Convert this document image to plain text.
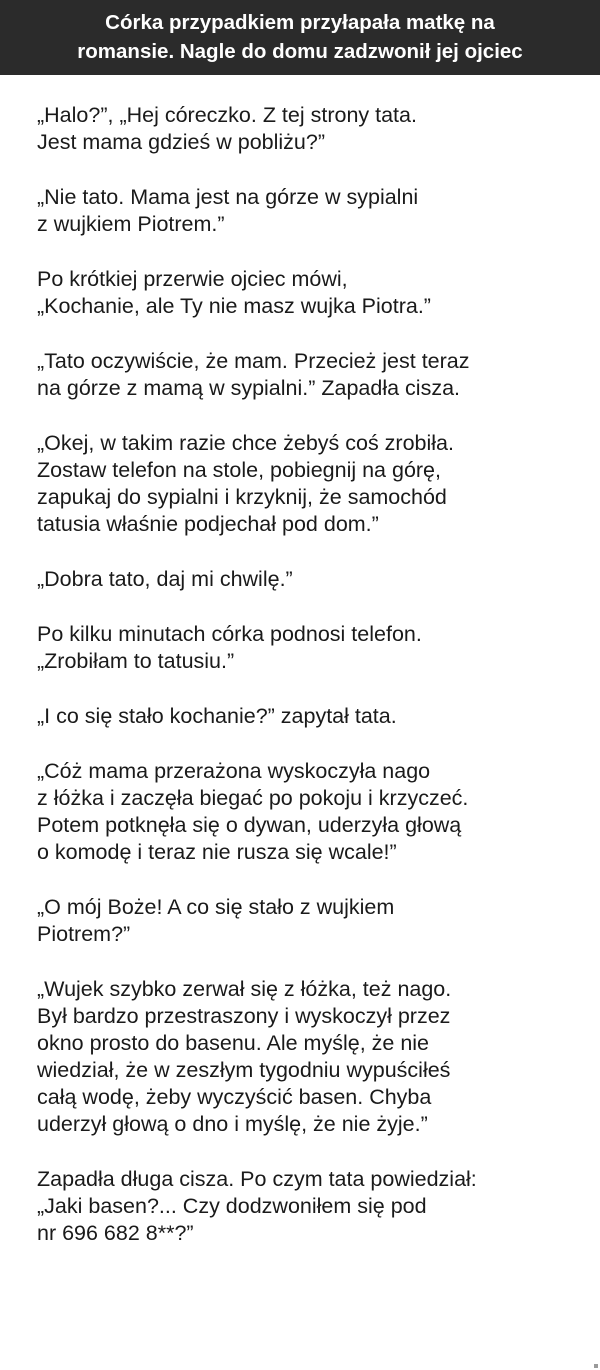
Córka przypadkiem przyłapała matkę na
romansie. Nagle do domu zadzwonił jej ojciec
„Halo?”, „Hej córeczko. Z tej strony tata.
Jest mama gdzieś w pobliżu?”
„Nie tato. Mama jest na górze w sypialni
z wujkiem Piotrem.”
Po krótkiej przerwie ojciec mówi,
„Kochanie, ale Ty nie masz wujka Piotra.”
„Tato oczywiście, że mam. Przecież jest teraz
na górze z mamą w sypialni.” Zapadła cisza.
„Okej, w takim razie chce żebyś coś zrobiła.
Zostaw telefon na stole, pobiegnij na górę,
zapukaj do sypialni i krzyknij, że samochód
tatusia właśnie podjechał pod dom.”
„Dobra tato, daj mi chwilę.”
Po kilku minutach córka podnosi telefon.
„Zrobiłam to tatusiu.”
„I co się stało kochanie?” zapytał tata.
„Cóż mama przerażona wyskoczyła nago
z łóżka i zaczęła biegać po pokoju i krzyczeć.
Potem potknęła się o dywan, uderzyła głową
o komodę i teraz nie rusza się wcale!”
„O mój Boże! A co się stało z wujkiem
Piotrem?”
„Wujek szybko zerwał się z łóżka, też nago.
Był bardzo przestraszony i wyskoczył przez
okno prosto do basenu. Ale myślę, że nie
wiedział, że w zeszłym tygodniu wypuściłeś
całą wodę, żeby wyczyścić basen. Chyba
uderzył głową o dno i myślę, że nie żyje.”
Zapadła długa cisza. Po czym tata powiedział:
„Jaki basen?... Czy dodzwoniłem się pod
nr 696 682 8**?”
